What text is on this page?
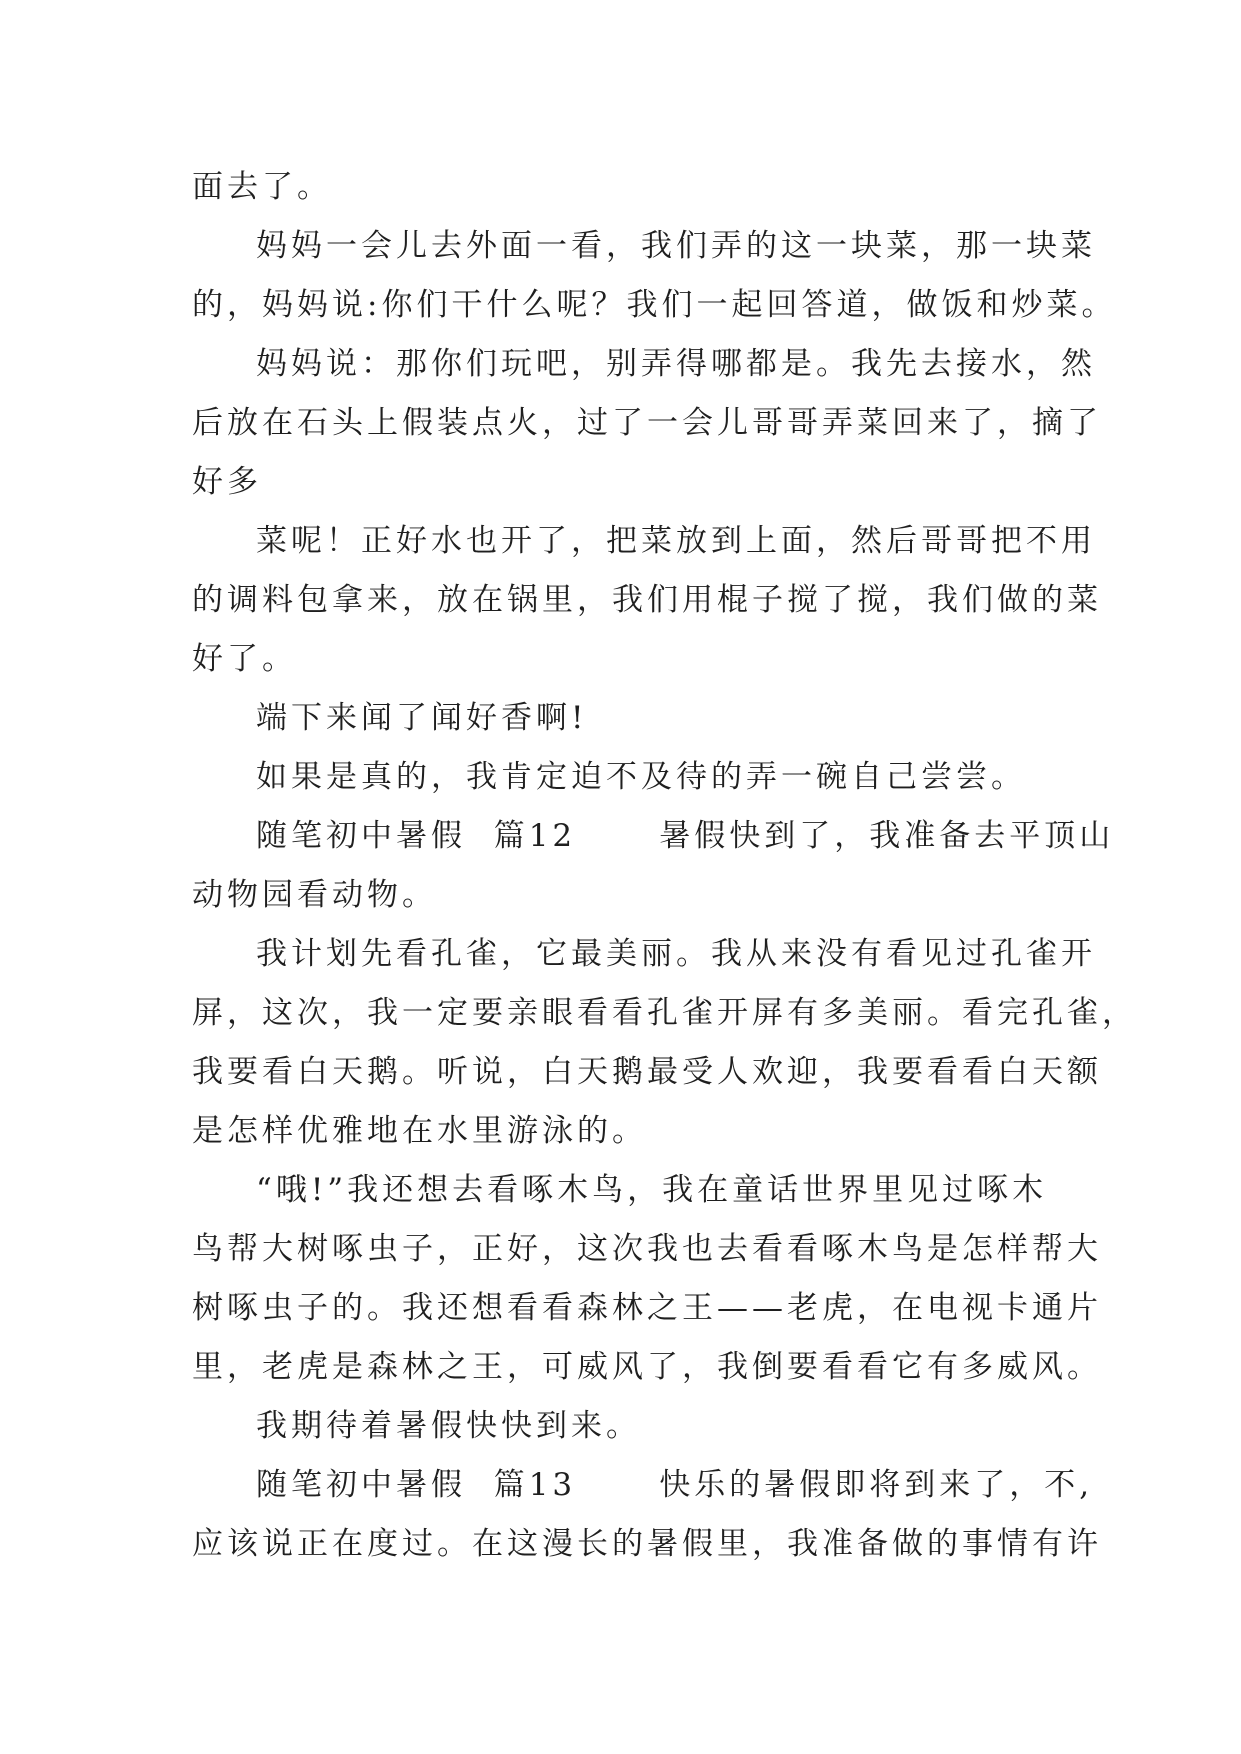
面去了。
妈妈一会儿去外面一看，我们弄的这一块菜，那一块菜
的，妈妈说:你们干什么呢？我们一起回答道，做饭和炒菜。
妈妈说：那你们玩吧，别弄得哪都是。我先去接水，然
后放在石头上假装点火，过了一会儿哥哥弄菜回来了，摘了
好多
菜呢！正好水也开了，把菜放到上面，然后哥哥把不用
的调料包拿来，放在锅里，我们用棍子搅了搅，我们做的菜
好了。
端下来闻了闻好香啊!
如果是真的，我肯定迫不及待的弄一碗自己尝尝。
随笔初中暑假  篇12      暑假快到了，我准备去平顶山
动物园看动物。
我计划先看孔雀，它最美丽。我从来没有看见过孔雀开
屏，这次，我一定要亲眼看看孔雀开屏有多美丽。看完孔雀，
我要看白天鹅。听说，白天鹅最受人欢迎，我要看看白天额
是怎样优雅地在水里游泳的。
“哦!”我还想去看啄木鸟，我在童话世界里见过啄木
鸟帮大树啄虫子，正好，这次我也去看看啄木鸟是怎样帮大
树啄虫子的。我还想看看森林之王——老虎，在电视卡通片
里，老虎是森林之王，可威风了，我倒要看看它有多威风。
我期待着暑假快快到来。
随笔初中暑假  篇13      快乐的暑假即将到来了，不,
应该说正在度过。在这漫长的暑假里，我准备做的事情有许
